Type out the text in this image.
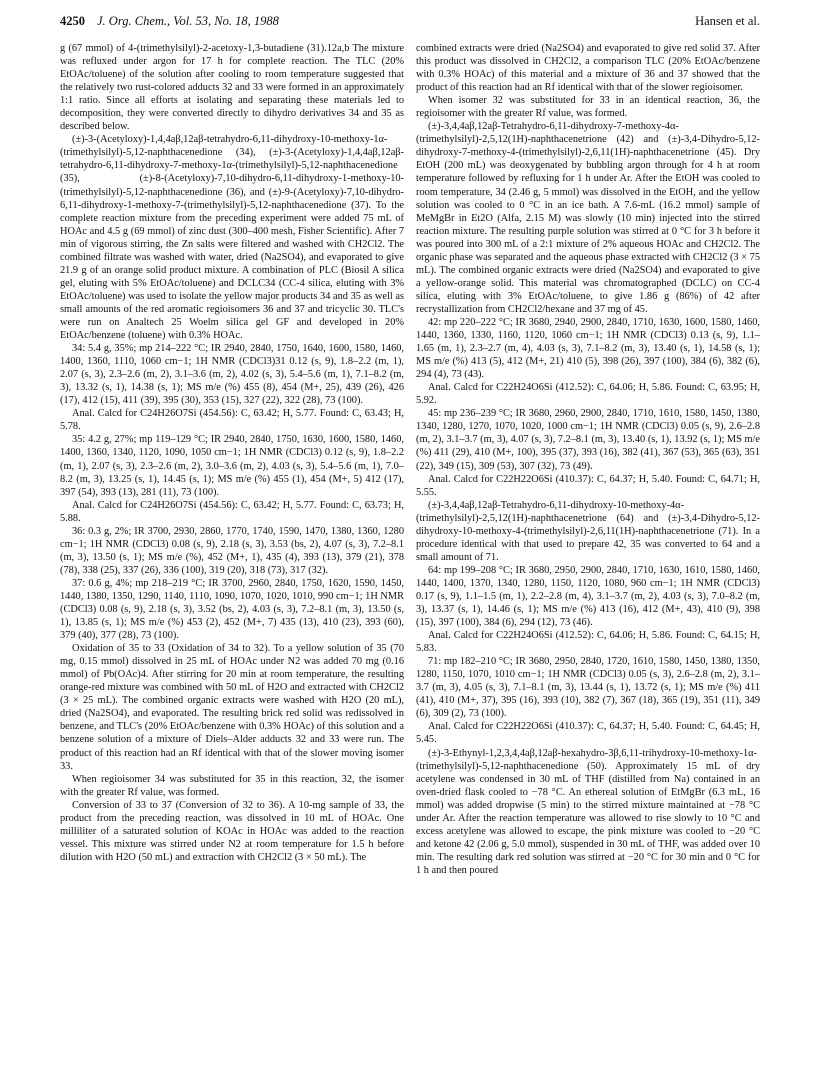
4250 J. Org. Chem., Vol. 53, No. 18, 1988	Hansen et al.

g (67 mmol) of 4-(trimethylsilyl)-2-acetoxy-1,3-butadiene (31).12a,b The mixture was refluxed under argon for 17 h for complete reaction. The TLC (20% EtOAc/toluene) of the solution after cooling to room temperature suggested that the relatively two rust-colored adducts 32 and 33 were formed in an approximately 1:1 ratio. Since all efforts at isolating and separating these materials led to decomposition, they were converted directly to dihydro derivatives 34 and 35 as described below.

(±)-3-(Acetyloxy)-1,4,4aβ,12aβ-tetrahydro-6,11-dihydroxy-10-methoxy-1α-(trimethylsilyl)-5,12-naphthacenedione (34), (±)-3-(Acetyloxy)-1,4,4aβ,12aβ-tetrahydro-6,11-dihydroxy-7-methoxy-1α-(trimethylsilyl)-5,12-naphthacenedione (35), (±)-8-(Acetyloxy)-7,10-dihydro-6,11-dihydroxy-1-methoxy-10-(trimethylsilyl)-5,12-naphthacenedione (36), and (±)-9-(Acetyloxy)-7,10-dihydro-6,11-dihydroxy-1-methoxy-7-(trimethylsilyl)-5,12-naphthacenedione (37). To the complete reaction mixture from the preceding experiment were added 75 mL of HOAc and 4.5 g (69 mmol) of zinc dust (300–400 mesh, Fisher Scientific). After 7 min of vigorous stirring, the Zn salts were filtered and washed with CH2Cl2. The combined filtrate was washed with water, dried (Na2SO4), and evaporated to give 21.9 g of an orange solid product mixture. A combination of PLC (Biosil A silica gel, eluting with 5% EtOAc/toluene) and DCLC34 (CC-4 silica, eluting with 3% EtOAc/toluene) was used to isolate the yellow major products 34 and 35 as well as small amounts of the red aromatic regioisomers 36 and 37 and tricyclic 30. TLC's were run on Analtech 25 Woelm silica gel GF and developed in 20% EtOAc/benzene (toluene) with 0.3% HOAc.

34: 5.4 g, 35%; mp 214–222 °C; IR 2940, 2840, 1750, 1640, 1600, 1580, 1460, 1400, 1360, 1110, 1060 cm−1; 1H NMR (CDCl3)31 0.12 (s, 9), 1.8–2.2 (m, 1), 2.07 (s, 3), 2.3–2.6 (m, 2), 3.1–3.6 (m, 2), 4.02 (s, 3), 5.4–5.6 (m, 1), 7.1–8.2 (m, 3), 13.32 (s, 1), 14.38 (s, 1); MS m/e (%) 455 (8), 454 (M+, 25), 439 (26), 426 (17), 412 (15), 411 (39), 395 (30), 353 (15), 327 (22), 322 (28), 73 (100).

Anal. Calcd for C24H26O7Si (454.56): C, 63.42; H, 5.77. Found: C, 63.43; H, 5.78.

35: 4.2 g, 27%; mp 119–129 °C; IR 2940, 2840, 1750, 1630, 1600, 1580, 1460, 1400, 1360, 1340, 1120, 1090, 1050 cm−1; 1H NMR (CDCl3) 0.12 (s, 9), 1.8–2.2 (m, 1), 2.07 (s, 3), 2.3–2.6 (m, 2), 3.0–3.6 (m, 2), 4.03 (s, 3), 5.4–5.6 (m, 1), 7.0–8.2 (m, 3), 13.25 (s, 1), 14.45 (s, 1); MS m/e (%) 455 (1), 454 (M+, 5) 412 (17), 397 (54), 393 (13), 281 (11), 73 (100).

Anal. Calcd for C24H26O7Si (454.56): C, 63.42; H, 5.77. Found: C, 63.73; H, 5.88.

36: 0.3 g, 2%; IR 3700, 2930, 2860, 1770, 1740, 1590, 1470, 1380, 1360, 1280 cm−1; 1H NMR (CDCl3) 0.08 (s, 9), 2.18 (s, 3), 3.53 (bs, 2), 4.07 (s, 3), 7.2–8.1 (m, 3), 13.50 (s, 1); MS m/e (%), 452 (M+, 1), 435 (4), 393 (13), 379 (21), 378 (78), 338 (25), 337 (26), 336 (100), 319 (20), 318 (73), 317 (32).

37: 0.6 g, 4%; mp 218–219 °C; IR 3700, 2960, 2840, 1750, 1620, 1590, 1450, 1440, 1380, 1350, 1290, 1140, 1110, 1090, 1070, 1020, 1010, 990 cm−1; 1H NMR (CDCl3) 0.08 (s, 9), 2.18 (s, 3), 3.52 (bs, 2), 4.03 (s, 3), 7.2–8.1 (m, 3), 13.50 (s, 1), 13.85 (s, 1); MS m/e (%) 453 (2), 452 (M+, 7) 435 (13), 410 (23), 393 (60), 379 (40), 377 (28), 73 (100).

Oxidation of 35 to 33 (Oxidation of 34 to 32). To a yellow solution of 35 (70 mg, 0.15 mmol) dissolved in 25 mL of HOAc under N2 was added 70 mg (0.16 mmol) of Pb(OAc)4. After stirring for 20 min at room temperature, the resulting orange-red mixture was combined with 50 mL of H2O and extracted with CH2Cl2 (3 × 25 mL). The combined organic extracts were washed with H2O (20 mL), dried (Na2SO4), and evaporated. The resulting brick red solid was redissolved in benzene, and TLC's (20% EtOAc/benzene with 0.3% HOAc) of this solution and a benzene solution of a mixture of Diels–Alder adducts 32 and 33 were run. The product of this reaction had an Rf identical with that of the slower moving isomer 33.

When regioisomer 34 was substituted for 35 in this reaction, 32, the isomer with the greater Rf value, was formed.

Conversion of 33 to 37 (Conversion of 32 to 36). A 10-mg sample of 33, the product from the preceding reaction, was dissolved in 10 mL of HOAc. One milliliter of a saturated solution of KOAc in HOAc was added to the reaction vessel. This mixture was stirred under N2 at room temperature for 1.5 h before dilution with H2O (50 mL) and extraction with CH2Cl2 (3 × 50 mL). The

combined extracts were dried (Na2SO4) and evaporated to give red solid 37. After this product was dissolved in CH2Cl2, a comparison TLC (20% EtOAc/benzene with 0.3% HOAc) of this material and a mixture of 36 and 37 showed that the product of this reaction had an Rf identical with that of the slower regioisomer.

When isomer 32 was substituted for 33 in an identical reaction, 36, the regioisomer with the greater Rf value, was formed.

(±)-3,4,4aβ,12aβ-Tetrahydro-6,11-dihydroxy-7-methoxy-4α-(trimethylsilyl)-2,5,12(1H)-naphthacenetrione (42) and (±)-3,4-Dihydro-5,12-dihydroxy-7-methoxy-4-(trimethylsilyl)-2,6,11(1H)-naphthacenetrione (45). Dry EtOH (200 mL) was deoxygenated by bubbling argon through for 4 h at room temperature followed by refluxing for 1 h under Ar. After the EtOH was cooled to room temperature, 34 (2.46 g, 5 mmol) was dissolved in the EtOH, and the yellow solution was cooled to 0 °C in an ice bath. A 7.6-mL (16.2 mmol) sample of MeMgBr in Et2O (Alfa, 2.15 M) was slowly (10 min) injected into the stirred reaction mixture. The resulting purple solution was stirred at 0 °C for 3 h before it was poured into 300 mL of a 2:1 mixture of 2% aqueous HOAc and CH2Cl2. The organic phase was separated and the aqueous phase extracted with CH2Cl2 (3 × 75 mL). The combined organic extracts were dried (Na2SO4) and evaporated to give a yellow-orange solid. This material was chromatographed (DCLC) on CC-4 silica, eluting with 3% EtOAc/toluene, to give 1.86 g (86%) of 42 after recrystallization from CH2Cl2/hexane and 37 mg of 45.

42: mp 220–222 °C; IR 3680, 2940, 2900, 2840, 1710, 1630, 1600, 1580, 1460, 1440, 1360, 1330, 1160, 1120, 1060 cm−1; 1H NMR (CDCl3) 0.13 (s, 9), 1.1–1.65 (m, 1), 2.3–2.7 (m, 4), 4.03 (s, 3), 7.1–8.2 (m, 3), 13.40 (s, 1), 14.58 (s, 1); MS m/e (%) 413 (5), 412 (M+, 21) 410 (5), 398 (26), 397 (100), 384 (6), 382 (6), 294 (4), 73 (43).

Anal. Calcd for C22H24O6Si (412.52): C, 64.06; H, 5.86. Found: C, 63.95; H, 5.92.

45: mp 236–239 °C; IR 3680, 2960, 2900, 2840, 1710, 1610, 1580, 1450, 1380, 1340, 1280, 1270, 1070, 1020, 1000 cm−1; 1H NMR (CDCl3) 0.05 (s, 9), 2.6–2.8 (m, 2), 3.1–3.7 (m, 3), 4.07 (s, 3), 7.2–8.1 (m, 3), 13.40 (s, 1), 13.92 (s, 1); MS m/e (%) 411 (29), 410 (M+, 100), 395 (37), 393 (16), 382 (41), 367 (53), 365 (63), 351 (22), 349 (15), 309 (53), 307 (32), 73 (49).

Anal. Calcd for C22H22O6Si (410.37): C, 64.37; H, 5.40. Found: C, 64.71; H, 5.55.

(±)-3,4,4aβ,12aβ-Tetrahydro-6,11-dihydroxy-10-methoxy-4α-(trimethylsilyl)-2,5,12(1H)-naphthacenetrione (64) and (±)-3,4-Dihydro-5,12-dihydroxy-10-methoxy-4-(trimethylsilyl)-2,6,11(1H)-naphthacenetrione (71). In a procedure identical with that used to prepare 42, 35 was converted to 64 and a small amount of 71.

64: mp 199–208 °C; IR 3680, 2950, 2900, 2840, 1710, 1630, 1610, 1580, 1460, 1440, 1400, 1370, 1340, 1280, 1150, 1120, 1080, 960 cm−1; 1H NMR (CDCl3) 0.17 (s, 9), 1.1–1.5 (m, 1), 2.2–2.8 (m, 4), 3.1–3.7 (m, 2), 4.03 (s, 3), 7.0–8.2 (m, 3), 13.37 (s, 1), 14.46 (s, 1); MS m/e (%) 413 (16), 412 (M+, 43), 410 (9), 398 (15), 397 (100), 384 (6), 294 (12), 73 (46).

Anal. Calcd for C22H24O6Si (412.52): C, 64.06; H, 5.86. Found: C, 64.15; H, 5.83.

71: mp 182–210 °C; IR 3680, 2950, 2840, 1720, 1610, 1580, 1450, 1380, 1350, 1280, 1150, 1070, 1010 cm−1; 1H NMR (CDCl3) 0.05 (s, 3), 2.6–2.8 (m, 2), 3.1–3.7 (m, 3), 4.05 (s, 3), 7.1–8.1 (m, 3), 13.44 (s, 1), 13.72 (s, 1); MS m/e (%) 411 (41), 410 (M+, 37), 395 (16), 393 (10), 382 (7), 367 (18), 365 (19), 351 (11), 349 (6), 309 (2), 73 (100).

Anal. Calcd for C22H22O6Si (410.37): C, 64.37; H, 5.40. Found: C, 64.45; H, 5.45.

(±)-3-Ethynyl-1,2,3,4,4aβ,12aβ-hexahydro-3β,6,11-trihydroxy-10-methoxy-1α-(trimethylsilyl)-5,12-naphthacenedione (50). Approximately 15 mL of dry acetylene was condensed in 30 mL of THF (distilled from Na) contained in an oven-dried flask cooled to −78 °C. An ethereal solution of EtMgBr (6.3 mL, 16 mmol) was added dropwise (5 min) to the stirred mixture maintained at −78 °C under Ar. After the reaction temperature was allowed to rise slowly to 10 °C and excess acetylene was allowed to escape, the pink mixture was cooled to −20 °C and ketone 42 (2.06 g, 5.0 mmol), suspended in 30 mL of THF, was added over 10 min. The resulting dark red solution was stirred at −20 °C for 30 min and 0 °C for 1 h and then poured
